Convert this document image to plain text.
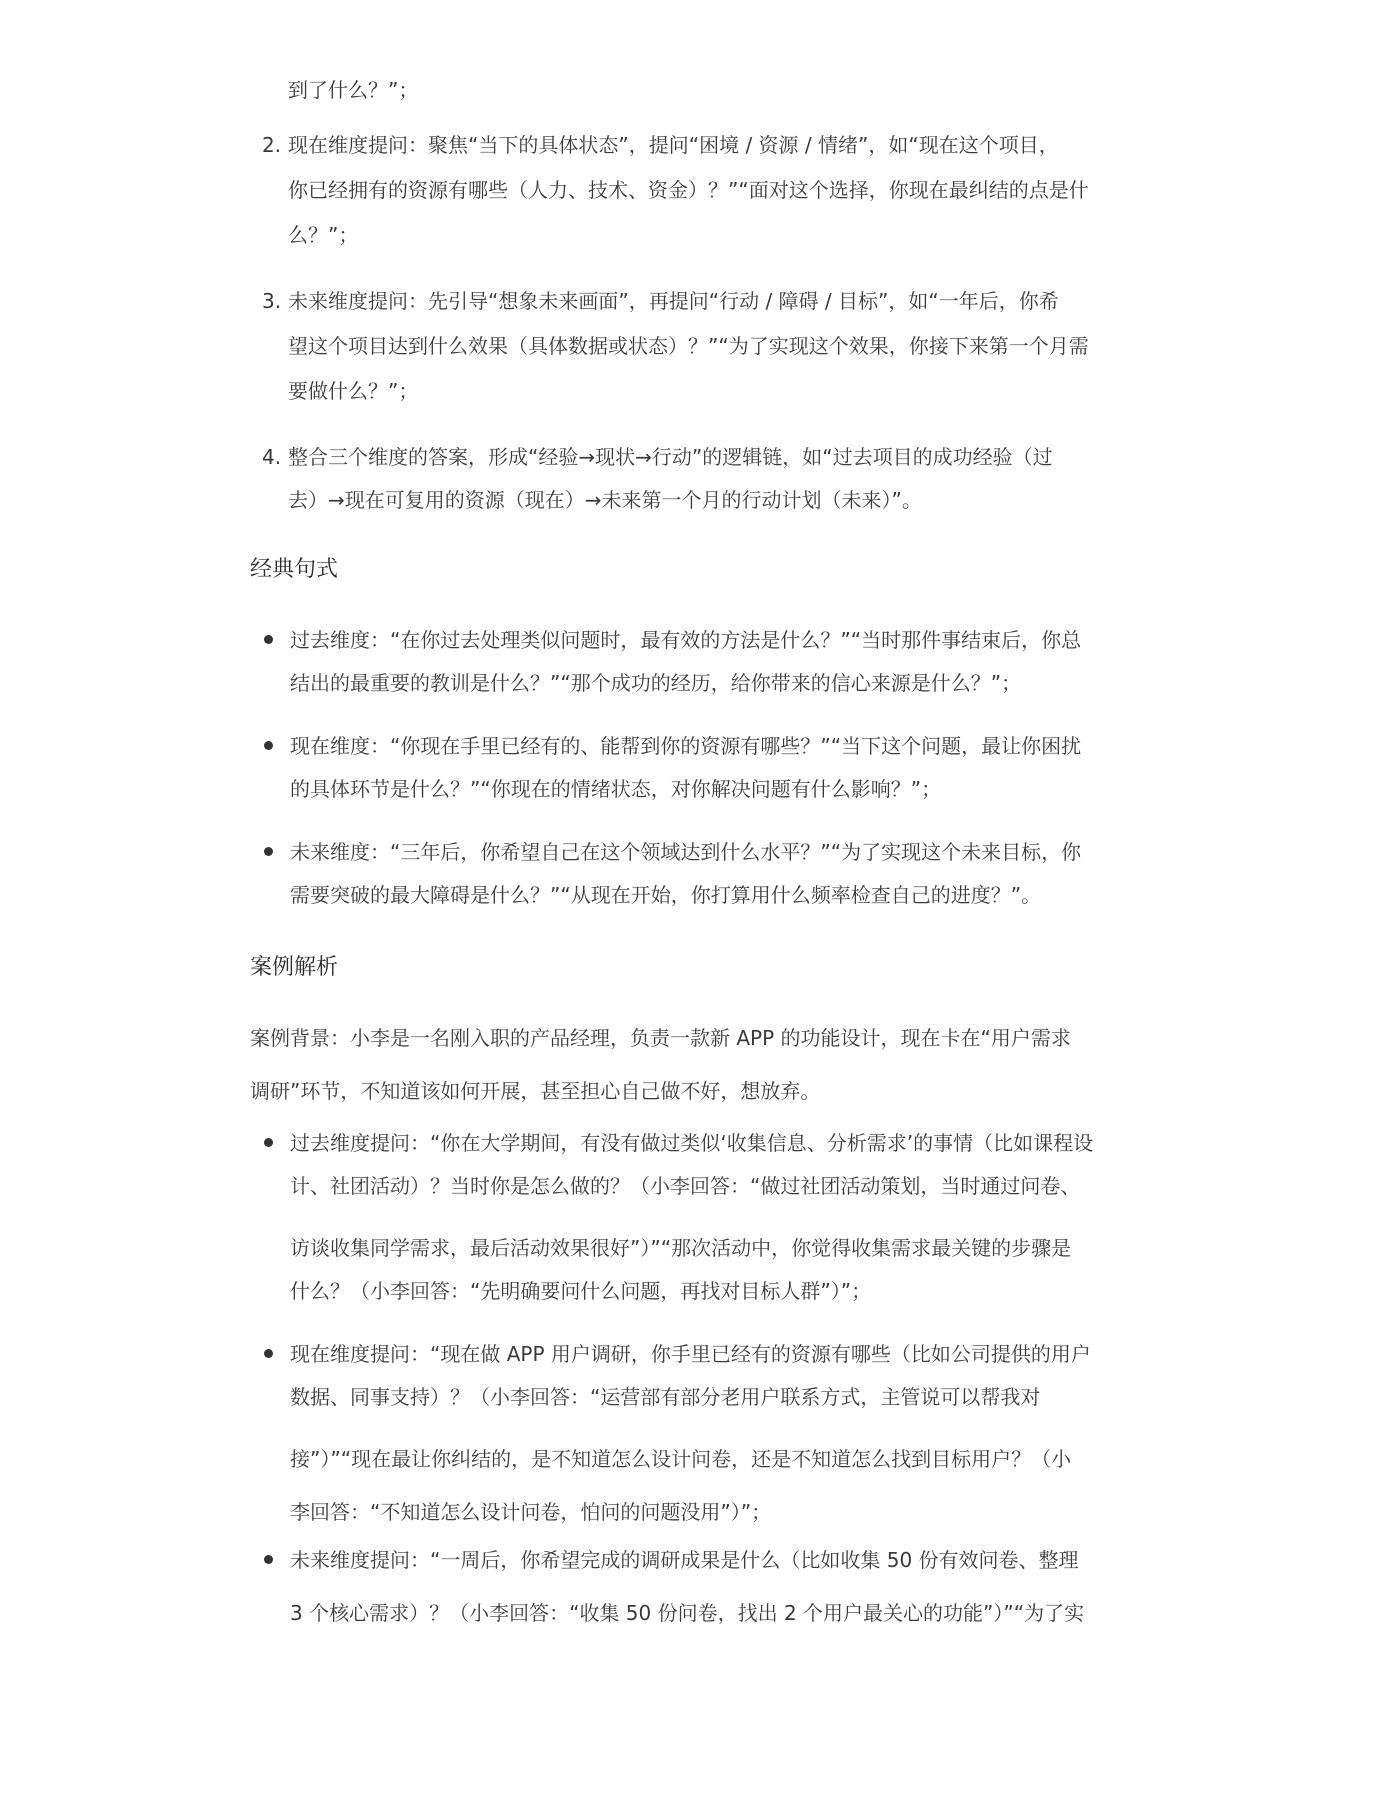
到了什么？”；
2. 现在维度提问：聚焦“当下的具体状态”，提问“困境 / 资源 / 情绪”，如“现在这个项目，
你已经拥有的资源有哪些（人力、技术、资金）？”“面对这个选择，你现在最纠结的点是什
么？”；
3. 未来维度提问：先引导“想象未来画面”，再提问“行动 / 障碍 / 目标”，如“一年后，你希
望这个项目达到什么效果（具体数据或状态）？”“为了实现这个效果，你接下来第一个月需
要做什么？”；
4. 整合三个维度的答案，形成“经验→现状→行动”的逻辑链，如“过去项目的成功经验（过
去）→现在可复用的资源（现在）→未来第一个月的行动计划（未来）”。
经典句式
过去维度：“在你过去处理类似问题时，最有效的方法是什么？”“当时那件事结束后，你总
结出的最重要的教训是什么？”“那个成功的经历，给你带来的信心来源是什么？”；
现在维度：“你现在手里已经有的、能帮到你的资源有哪些？”“当下这个问题，最让你困扰
的具体环节是什么？”“你现在的情绪状态，对你解决问题有什么影响？”；
未来维度：“三年后，你希望自己在这个领域达到什么水平？”“为了实现这个未来目标，你
需要突破的最大障碍是什么？”“从现在开始，你打算用什么频率检查自己的进度？”。
案例解析
案例背景：小李是一名刚入职的产品经理，负责一款新 APP 的功能设计，现在卡在“用户需求
调研”环节，不知道该如何开展，甚至担心自己做不好，想放弃。
过去维度提问：“你在大学期间，有没有做过类似‘收集信息、分析需求’的事情（比如课程设
计、社团活动）？当时你是怎么做的？（小李回答：“做过社团活动策划，当时通过问卷、
访谈收集同学需求，最后活动效果很好”）”“那次活动中，你觉得收集需求最关键的步骤是
什么？（小李回答：“先明确要问什么问题，再找对目标人群”）”；
现在维度提问：“现在做 APP 用户调研，你手里已经有的资源有哪些（比如公司提供的用户
数据、同事支持）？（小李回答：“运营部有部分老用户联系方式，主管说可以帮我对
接”）”“现在最让你纠结的，是不知道怎么设计问卷，还是不知道怎么找到目标用户？（小
李回答：“不知道怎么设计问卷，怕问的问题没用”）”；
未来维度提问：“一周后，你希望完成的调研成果是什么（比如收集 50 份有效问卷、整理
3 个核心需求）？（小李回答：“收集 50 份问卷，找出 2 个用户最关心的功能”）”“为了实
